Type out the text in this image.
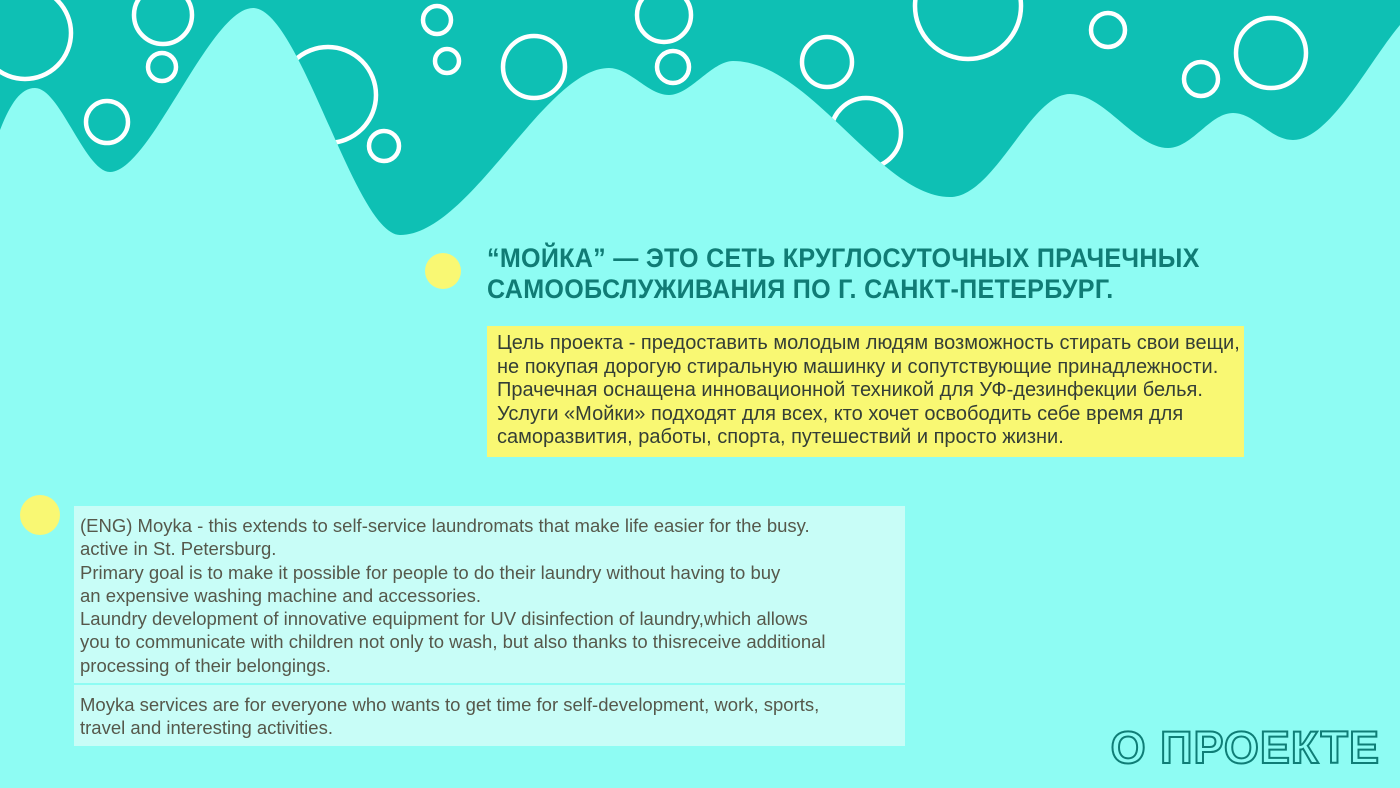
“МОЙКА” — ЭТО СЕТЬ КРУГЛОСУТОЧНЫХ ПРАЧЕЧНЫХ
САМООБСЛУЖИВАНИЯ ПО Г. САНКТ-ПЕТЕРБУРГ.
Цель проекта - предоставить молодым людям возможность стирать свои вещи,
не покупая дорогую стиральную машинку и сопутствующие принадлежности.
Прачечная оснащена инновационной техникой для УФ-дезинфекции белья.
Услуги «Мойки» подходят для всех, кто хочет освободить себе время для
саморазвития, работы, спорта, путешествий и просто жизни.
(ENG) Moyka - this extends to self-service laundromats that make life easier for the busy.
active in St. Petersburg.
Primary goal is to make it possible for people to do their laundry without having to buy
an expensive washing machine and accessories.
Laundry development of innovative equipment for UV disinfection of laundry,which allows
you to communicate with children not only to wash, but also thanks to thisreceive additional
processing of their belongings.
Moyka services are for everyone who wants to get time for self-development, work, sports,
travel and interesting activities.	О ПРОЕКТЕ
